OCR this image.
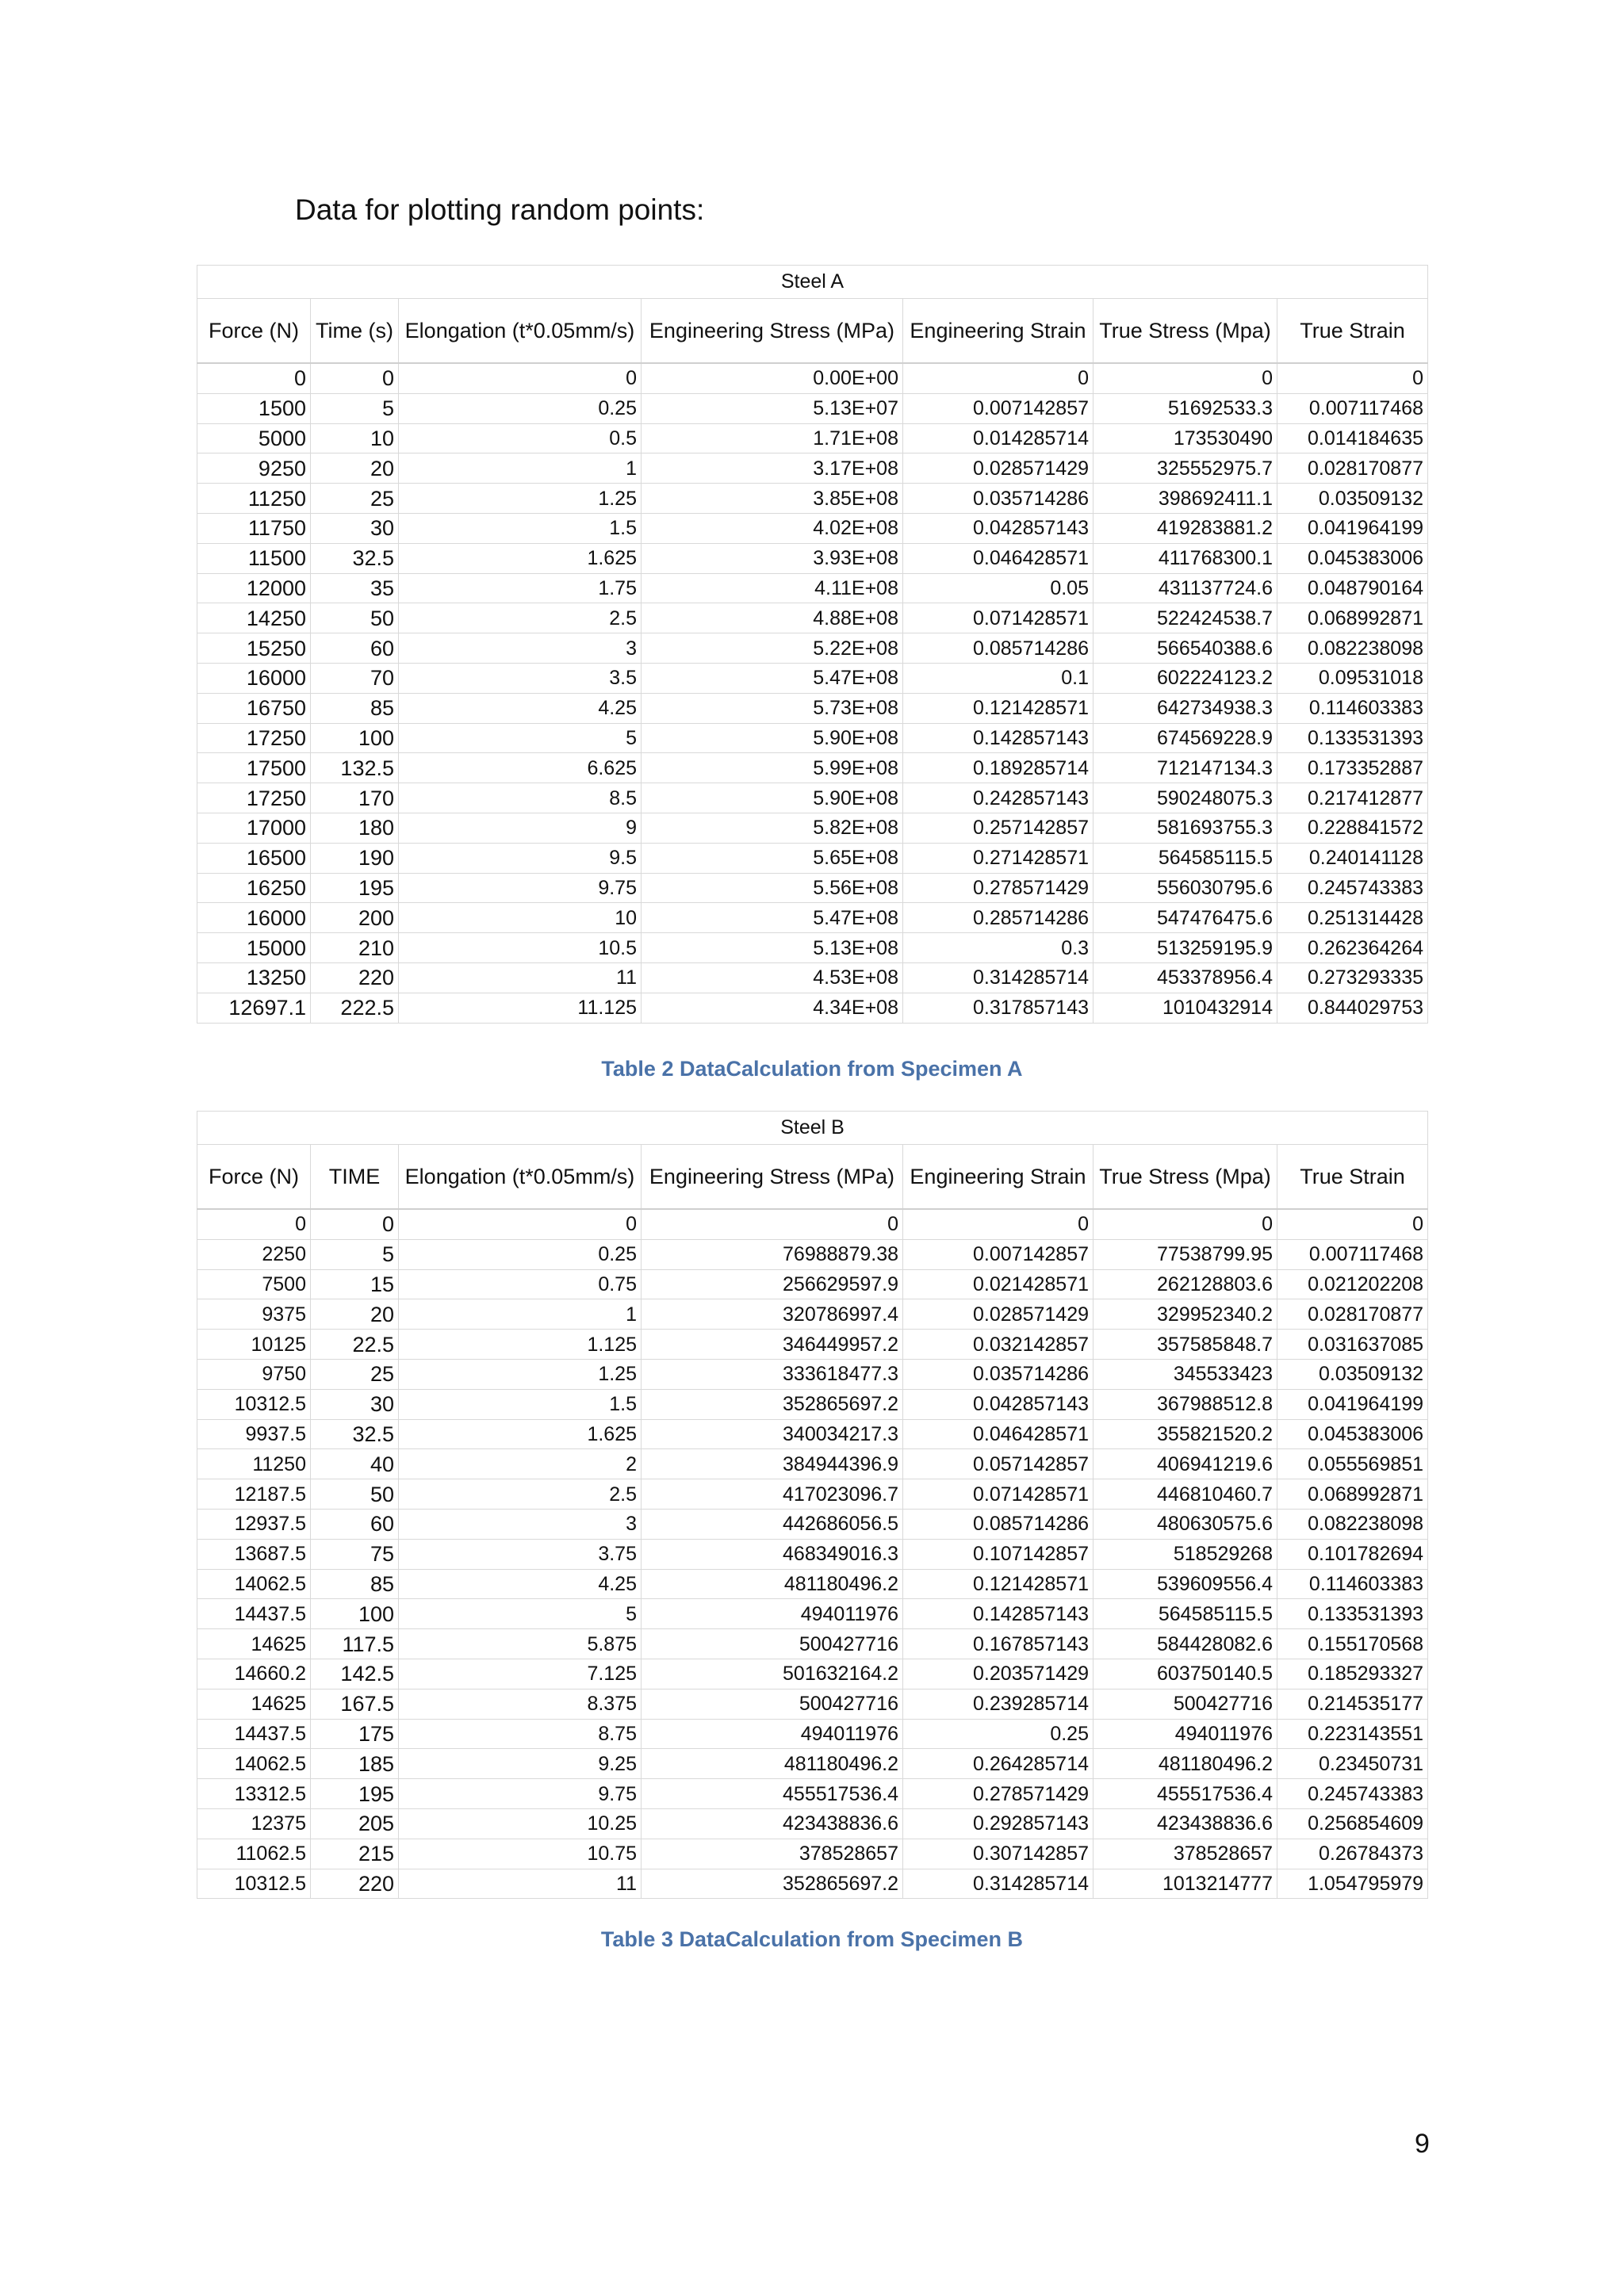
Data for plotting random points:
Steel A						
Force (N)	Time (s)	Elongation (t*0.05mm/s)	Engineering Stress (MPa)	Engineering Strain	True Stress (Mpa)	True Strain
0	0	0	0.00E+00	0	0	0
1500	5	0.25	5.13E+07	0.007142857	51692533.3	0.007117468
5000	10	0.5	1.71E+08	0.014285714	173530490	0.014184635
9250	20	1	3.17E+08	0.028571429	325552975.7	0.028170877
11250	25	1.25	3.85E+08	0.035714286	398692411.1	0.03509132
11750	30	1.5	4.02E+08	0.042857143	419283881.2	0.041964199
11500	32.5	1.625	3.93E+08	0.046428571	411768300.1	0.045383006
12000	35	1.75	4.11E+08	0.05	431137724.6	0.048790164
14250	50	2.5	4.88E+08	0.071428571	522424538.7	0.068992871
15250	60	3	5.22E+08	0.085714286	566540388.6	0.082238098
16000	70	3.5	5.47E+08	0.1	602224123.2	0.09531018
16750	85	4.25	5.73E+08	0.121428571	642734938.3	0.114603383
17250	100	5	5.90E+08	0.142857143	674569228.9	0.133531393
17500	132.5	6.625	5.99E+08	0.189285714	712147134.3	0.173352887
17250	170	8.5	5.90E+08	0.242857143	590248075.3	0.217412877
17000	180	9	5.82E+08	0.257142857	581693755.3	0.228841572
16500	190	9.5	5.65E+08	0.271428571	564585115.5	0.240141128
16250	195	9.75	5.56E+08	0.278571429	556030795.6	0.245743383
16000	200	10	5.47E+08	0.285714286	547476475.6	0.251314428
15000	210	10.5	5.13E+08	0.3	513259195.9	0.262364264
13250	220	11	4.53E+08	0.314285714	453378956.4	0.273293335
12697.1	222.5	11.125	4.34E+08	0.317857143	1010432914	0.844029753
Table 2 DataCalculation from Specimen A
Steel B						
Force (N)	TIME	Elongation (t*0.05mm/s)	Engineering Stress (MPa)	Engineering Strain	True Stress (Mpa)	True Strain
0	0	0	0	0	0	0
2250	5	0.25	76988879.38	0.007142857	77538799.95	0.007117468
7500	15	0.75	256629597.9	0.021428571	262128803.6	0.021202208
9375	20	1	320786997.4	0.028571429	329952340.2	0.028170877
10125	22.5	1.125	346449957.2	0.032142857	357585848.7	0.031637085
9750	25	1.25	333618477.3	0.035714286	345533423	0.03509132
10312.5	30	1.5	352865697.2	0.042857143	367988512.8	0.041964199
9937.5	32.5	1.625	340034217.3	0.046428571	355821520.2	0.045383006
11250	40	2	384944396.9	0.057142857	406941219.6	0.055569851
12187.5	50	2.5	417023096.7	0.071428571	446810460.7	0.068992871
12937.5	60	3	442686056.5	0.085714286	480630575.6	0.082238098
13687.5	75	3.75	468349016.3	0.107142857	518529268	0.101782694
14062.5	85	4.25	481180496.2	0.121428571	539609556.4	0.114603383
14437.5	100	5	494011976	0.142857143	564585115.5	0.133531393
14625	117.5	5.875	500427716	0.167857143	584428082.6	0.155170568
14660.2	142.5	7.125	501632164.2	0.203571429	603750140.5	0.185293327
14625	167.5	8.375	500427716	0.239285714	500427716	0.214535177
14437.5	175	8.75	494011976	0.25	494011976	0.223143551
14062.5	185	9.25	481180496.2	0.264285714	481180496.2	0.23450731
13312.5	195	9.75	455517536.4	0.278571429	455517536.4	0.245743383
12375	205	10.25	423438836.6	0.292857143	423438836.6	0.256854609
11062.5	215	10.75	378528657	0.307142857	378528657	0.26784373
10312.5	220	11	352865697.2	0.314285714	1013214777	1.054795979
Table 3 DataCalculation from Specimen B
9
